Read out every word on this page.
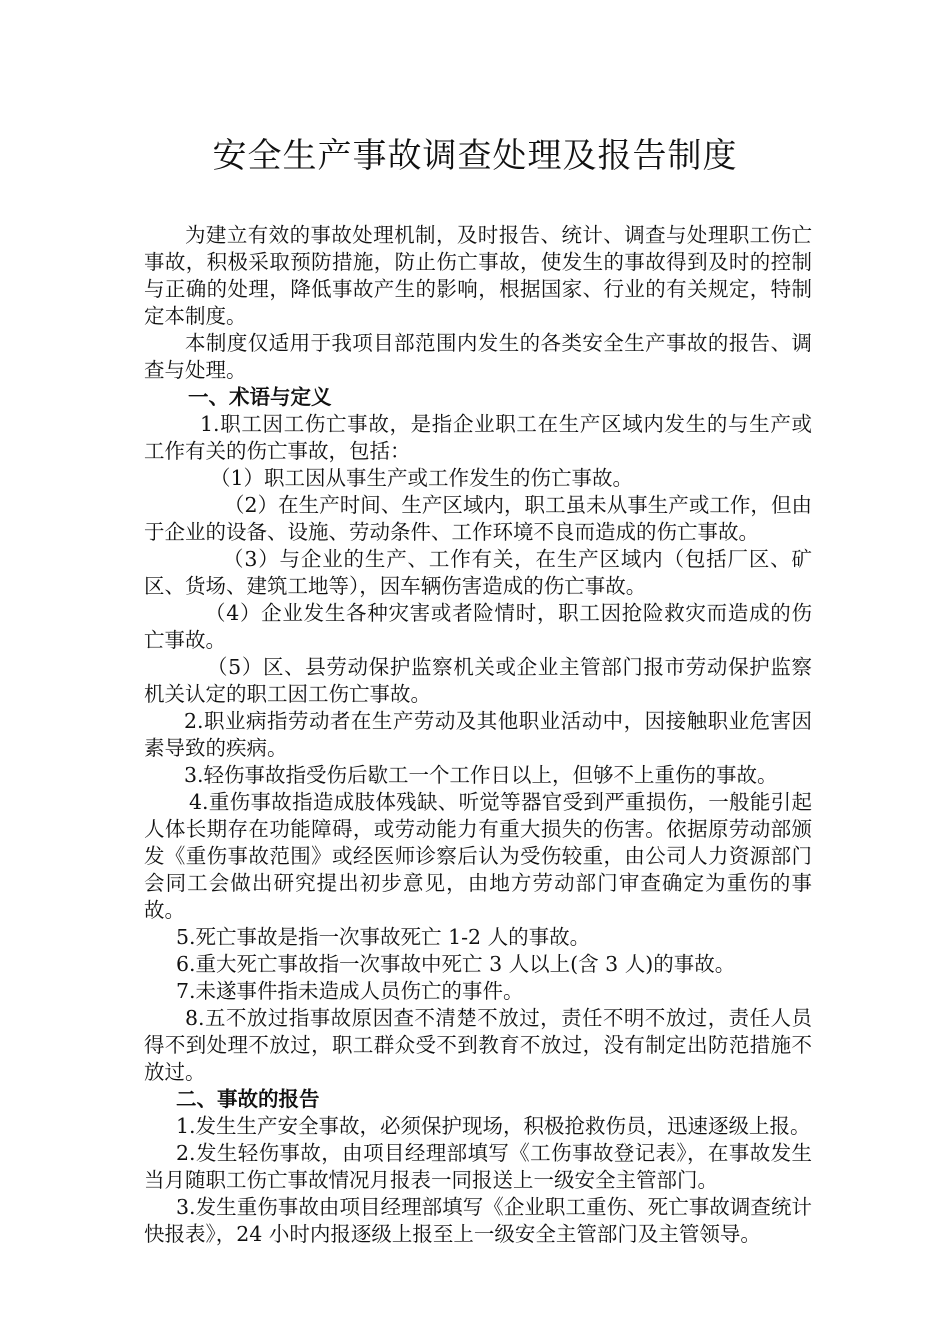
安全生产事故调查处理及报告制度

为建立有效的事故处理机制，及时报告、统计、调查与处理职工伤亡事故，积极采取预防措施，防止伤亡事故，使发生的事故得到及时的控制与正确的处理，降低事故产生的影响，根据国家、行业的有关规定，特制定本制度。

本制度仅适用于我项目部范围内发生的各类安全生产事故的报告、调查与处理。

一、术语与定义

1.职工因工伤亡事故，是指企业职工在生产区域内发生的与生产或工作有关的伤亡事故，包括：

（1）职工因从事生产或工作发生的伤亡事故。

（2）在生产时间、生产区域内，职工虽未从事生产或工作，但由于企业的设备、设施、劳动条件、工作环境不良而造成的伤亡事故。

（3）与企业的生产、工作有关，在生产区域内（包括厂区、矿区、货场、建筑工地等），因车辆伤害造成的伤亡事故。

（4）企业发生各种灾害或者险情时，职工因抢险救灾而造成的伤亡事故。

（5）区、县劳动保护监察机关或企业主管部门报市劳动保护监察机关认定的职工因工伤亡事故。

2.职业病指劳动者在生产劳动及其他职业活动中，因接触职业危害因素导致的疾病。

3.轻伤事故指受伤后歇工一个工作日以上，但够不上重伤的事故。

4.重伤事故指造成肢体残缺、听觉等器官受到严重损伤，一般能引起人体长期存在功能障碍，或劳动能力有重大损失的伤害。依据原劳动部颁发《重伤事故范围》或经医师诊察后认为受伤较重，由公司人力资源部门会同工会做出研究提出初步意见，由地方劳动部门审查确定为重伤的事故。

5.死亡事故是指一次事故死亡 1-2 人的事故。

6.重大死亡事故指一次事故中死亡 3 人以上(含 3 人)的事故。

7.未遂事件指未造成人员伤亡的事件。

8.五不放过指事故原因查不清楚不放过，责任不明不放过，责任人员得不到处理不放过，职工群众受不到教育不放过，没有制定出防范措施不放过。

二、事故的报告

1.发生生产安全事故，必须保护现场，积极抢救伤员，迅速逐级上报。

2.发生轻伤事故，由项目经理部填写《工伤事故登记表》，在事故发生当月随职工伤亡事故情况月报表一同报送上一级安全主管部门。

3.发生重伤事故由项目经理部填写《企业职工重伤、死亡事故调查统计快报表》，24 小时内报逐级上报至上一级安全主管部门及主管领导。
